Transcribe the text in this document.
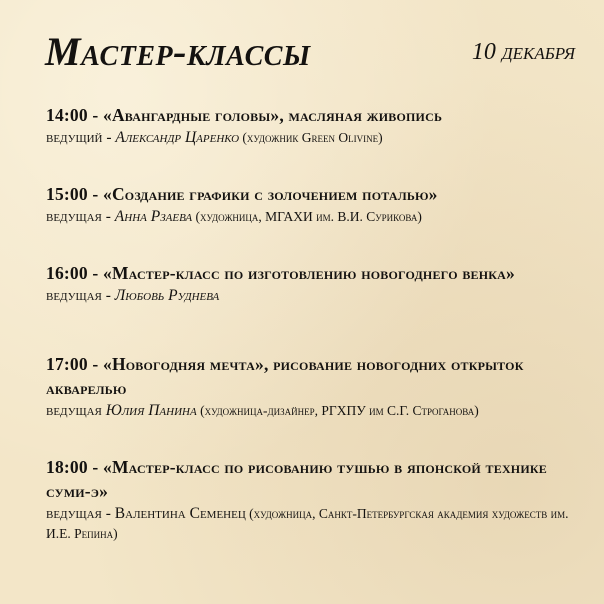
Мастер-классы	10 декабря
14:00 - «Авангардные головы», масляная живопись
ведущий - Александр Царенко (художник Green Olivine)
15:00 - «Создание графики с золочением поталью»
ведущая - Анна Рзаева (художница, МГАХИ им. В.И. Сурикова)
16:00 - «Мастер-класс по изготовлению новогоднего венка»
ведущая - Любовь Руднева
17:00 - «Новогодняя мечта», рисование новогодних открыток акварелью
ведущая Юлия Панина (художница-дизайнер, РГХПУ им С.Г. Строганова)
18:00 - «Мастер-класс по рисованию тушью в японской технике суми-э»
ведущая - Валентина Семенец (художница, Санкт-Петербургская академия художеств им. И.Е. Репина)
